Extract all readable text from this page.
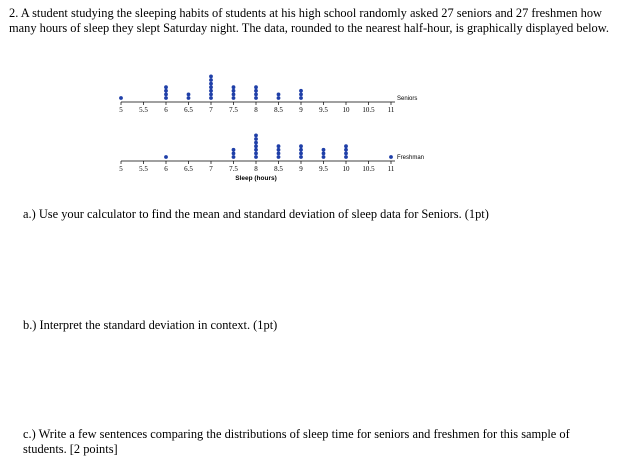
2. A student studying the sleeping habits of students at his high school randomly asked 27 seniors and 27 freshmen how many hours of sleep they slept Saturday night. The data, rounded to the nearest half-hour, is graphically displayed below.
5 5.5 6 6.5 7 7.5 8 8.5 9 9.5 10 10.5 11
Seniors
5 5.5 6 6.5 7 7.5 8 8.5 9 9.5 10 10.5 11
Freshman
Sleep (hours)
a.) Use your calculator to find the mean and standard deviation of sleep data for Seniors. (1pt)
b.) Interpret the standard deviation in context. (1pt)
c.) Write a few sentences comparing the distributions of sleep time for seniors and freshmen for this sample of students. [2 points]
